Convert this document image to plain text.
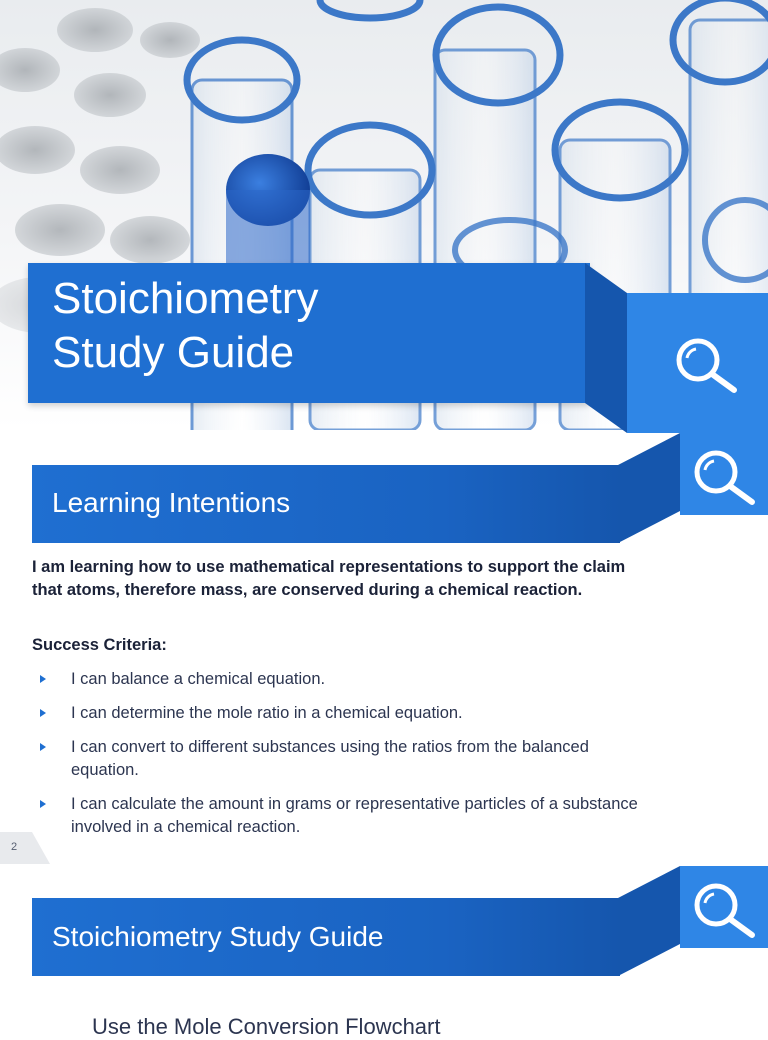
Stoichiometry
Study Guide
Learning Intentions

I am learning how to use mathematical representations to support the claim that atoms, therefore mass, are conserved during a chemical reaction.

Success Criteria:

I can balance a chemical equation.
I can determine the mole ratio in a chemical equation.
I can convert to different substances using the ratios from the balanced equation.
I can calculate the amount in grams or representative particles of a substance involved in a chemical reaction.
2
Stoichiometry Study Guide
Use the Mole Conversion Flowchart
